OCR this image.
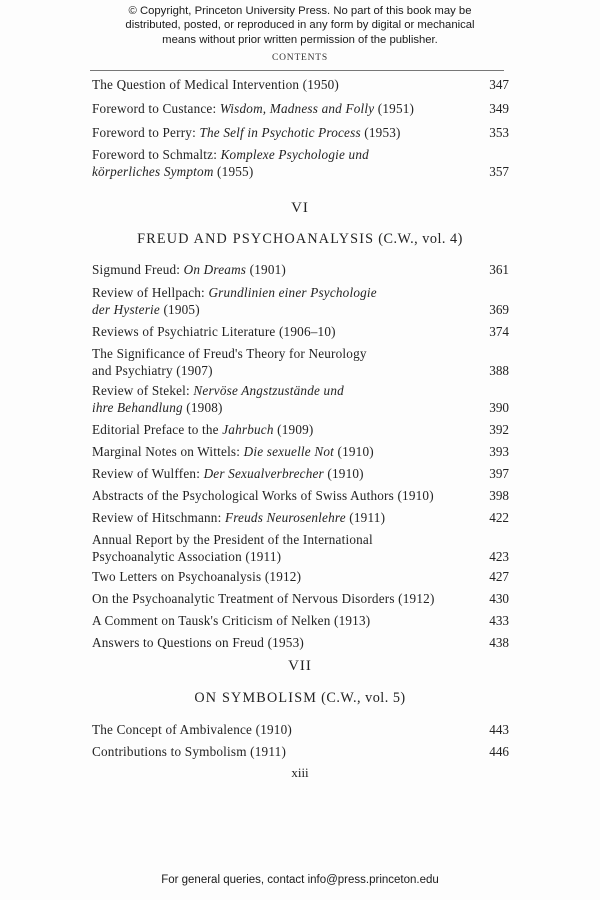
© Copyright, Princeton University Press. No part of this book may be
distributed, posted, or reproduced in any form by digital or mechanical
means without prior written permission of the publisher.
CONTENTS
The Question of Medical Intervention (1950)	347
Foreword to Custance: Wisdom, Madness and Folly (1951)	349
Foreword to Perry: The Self in Psychotic Process (1953)	353
Foreword to Schmaltz: Komplexe Psychologie und
körperliches Symptom (1955)	357
VI
FREUD AND PSYCHOANALYSIS (C.W., vol. 4)
Sigmund Freud: On Dreams (1901)	361
Review of Hellpach: Grundlinien einer Psychologie
der Hysterie (1905)	369
Reviews of Psychiatric Literature (1906–10)	374
The Significance of Freud's Theory for Neurology
and Psychiatry (1907)	388
Review of Stekel: Nervöse Angstzustände und
ihre Behandlung (1908)	390
Editorial Preface to the Jahrbuch (1909)	392
Marginal Notes on Wittels: Die sexuelle Not (1910)	393
Review of Wulffen: Der Sexualverbrecher (1910)	397
Abstracts of the Psychological Works of Swiss Authors (1910)	398
Review of Hitschmann: Freuds Neurosenlehre (1911)	422
Annual Report by the President of the International
Psychoanalytic Association (1911)	423
Two Letters on Psychoanalysis (1912)	427
On the Psychoanalytic Treatment of Nervous Disorders (1912)	430
A Comment on Tausk's Criticism of Nelken (1913)	433
Answers to Questions on Freud (1953)	438
VII
ON SYMBOLISM (C.W., vol. 5)
The Concept of Ambivalence (1910)	443
Contributions to Symbolism (1911)	446
xiii
For general queries, contact info@press.princeton.edu
